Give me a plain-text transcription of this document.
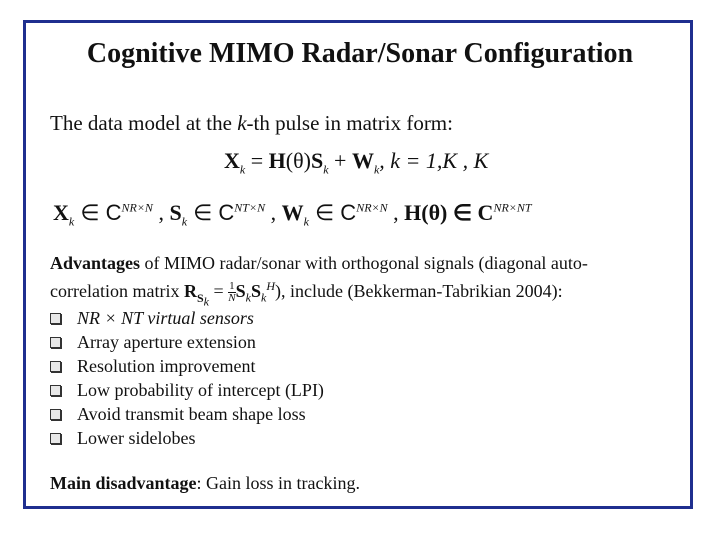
Cognitive MIMO Radar/Sonar Configuration
The data model at the k-th pulse in matrix form:
$X_k = H(\theta)S_k + W_k$, k = 1,K , K
$X_k$ ∈ $C^{NR\times N}$ , $S_k$ ∈ $C^{NT\times N}$ , $W_k$ ∈ $C^{NR\times N}$ , H(θ) ∈ $C^{NR\times NT}$
Advantages of MIMO radar/sonar with orthogonal signals (diagonal auto-
correlation matrix $R_{S_k} = \frac{1}{N} S_kS_k^H$), include (Bekkerman-Tabrikian 2004):
NR × NT virtual sensors
Array aperture extension
Resolution improvement
Low probability of intercept (LPI)
Avoid transmit beam shape loss
Lower sidelobes
Main disadvantage: Gain loss in tracking.
